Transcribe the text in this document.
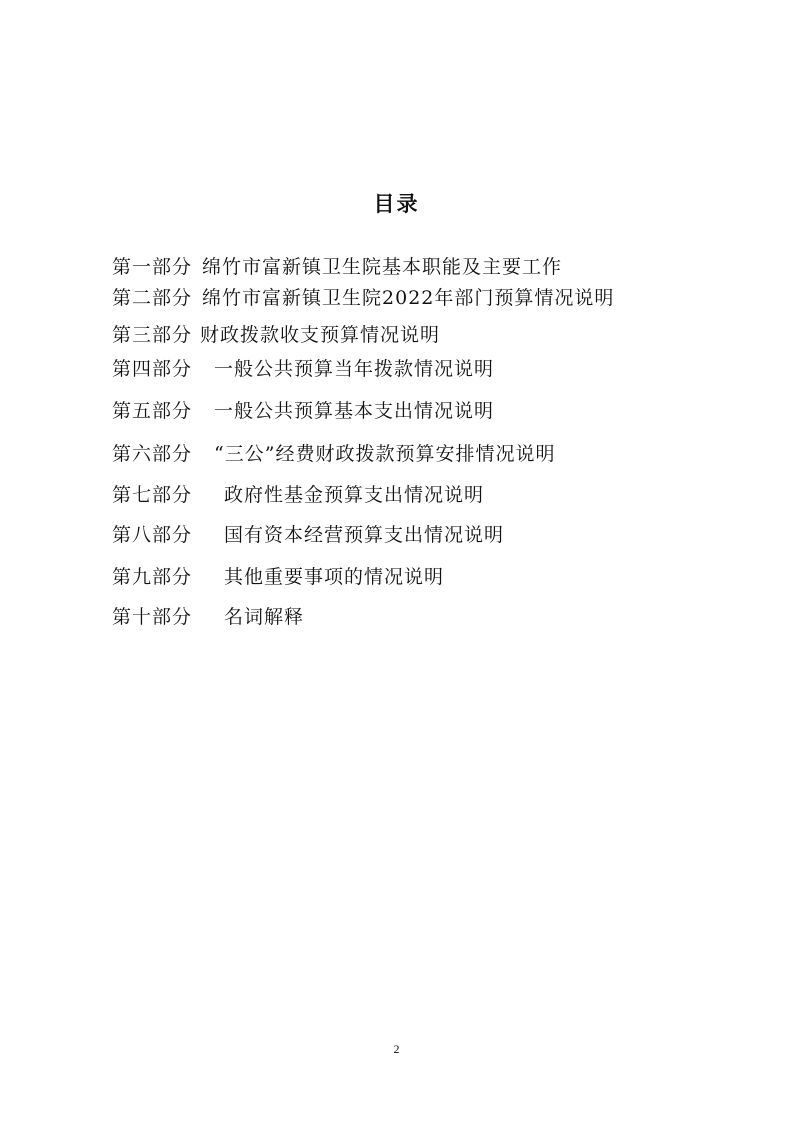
目录
第一部分 绵竹市富新镇卫生院基本职能及主要工作
第二部分 绵竹市富新镇卫生院2022年部门预算情况说明
第三部分 财政拨款收支预算情况说明
第四部分 一般公共预算当年拨款情况说明
第五部分 一般公共预算基本支出情况说明
第六部分 “三公”经费财政拨款预算安排情况说明
第七部分 政府性基金预算支出情况说明
第八部分 国有资本经营预算支出情况说明
第九部分 其他重要事项的情况说明
第十部分 名词解释
2
